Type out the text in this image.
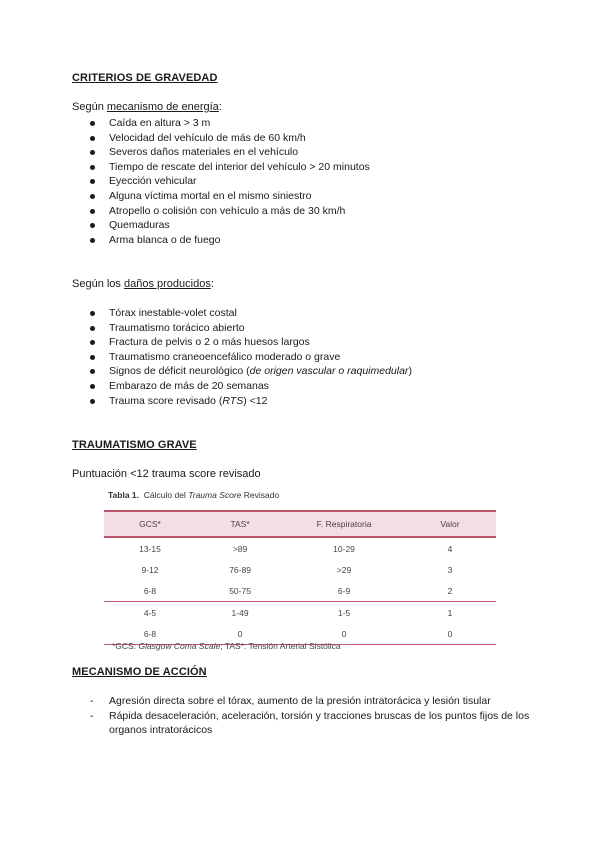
CRITERIOS DE GRAVEDAD

Según mecanismo de energía:

Caída en altura > 3 m
Velocidad del vehículo de más de 60 km/h
Severos daños materiales en el vehículo
Tiempo de rescate del interior del vehículo > 20 minutos
Eyección vehicular
Alguna víctima mortal en el mismo siniestro
Atropello o colisión con vehículo a más de 30 km/h
Quemaduras
Arma blanca o de fuego

Según los daños producidos:

Tórax inestable-volet costal
Traumatismo torácico abierto
Fractura de pelvis o 2 o más huesos largos
Traumatismo craneoencefálico moderado o grave
Signos de déficit neurológico (de origen vascular o raquimedular)
Embarazo de más de 20 semanas
Trauma score revisado (RTS) <12

TRAUMATISMO GRAVE

Puntuación <12 trauma score revisado

Tabla 1. Cálculo del Trauma Score Revisado
GCS*	TAS*	F. Respiratoria	Valor
13-15	>89	10-29	4
9-12	76-89	>29	3
6-8	50-75	6-9	2
4-5	1-49	1-5	1
6-8	0	0	0
*GCS: Glasgow Coma Scale; TAS*: Tensión Arterial Sistólica

MECANISMO DE ACCIÓN

- Agresión directa sobre el tórax, aumento de la presión intratorácica y lesión tisular
- Rápida desaceleración, aceleración, torsión y tracciones bruscas de los puntos fijos de los organos intratorácicos
